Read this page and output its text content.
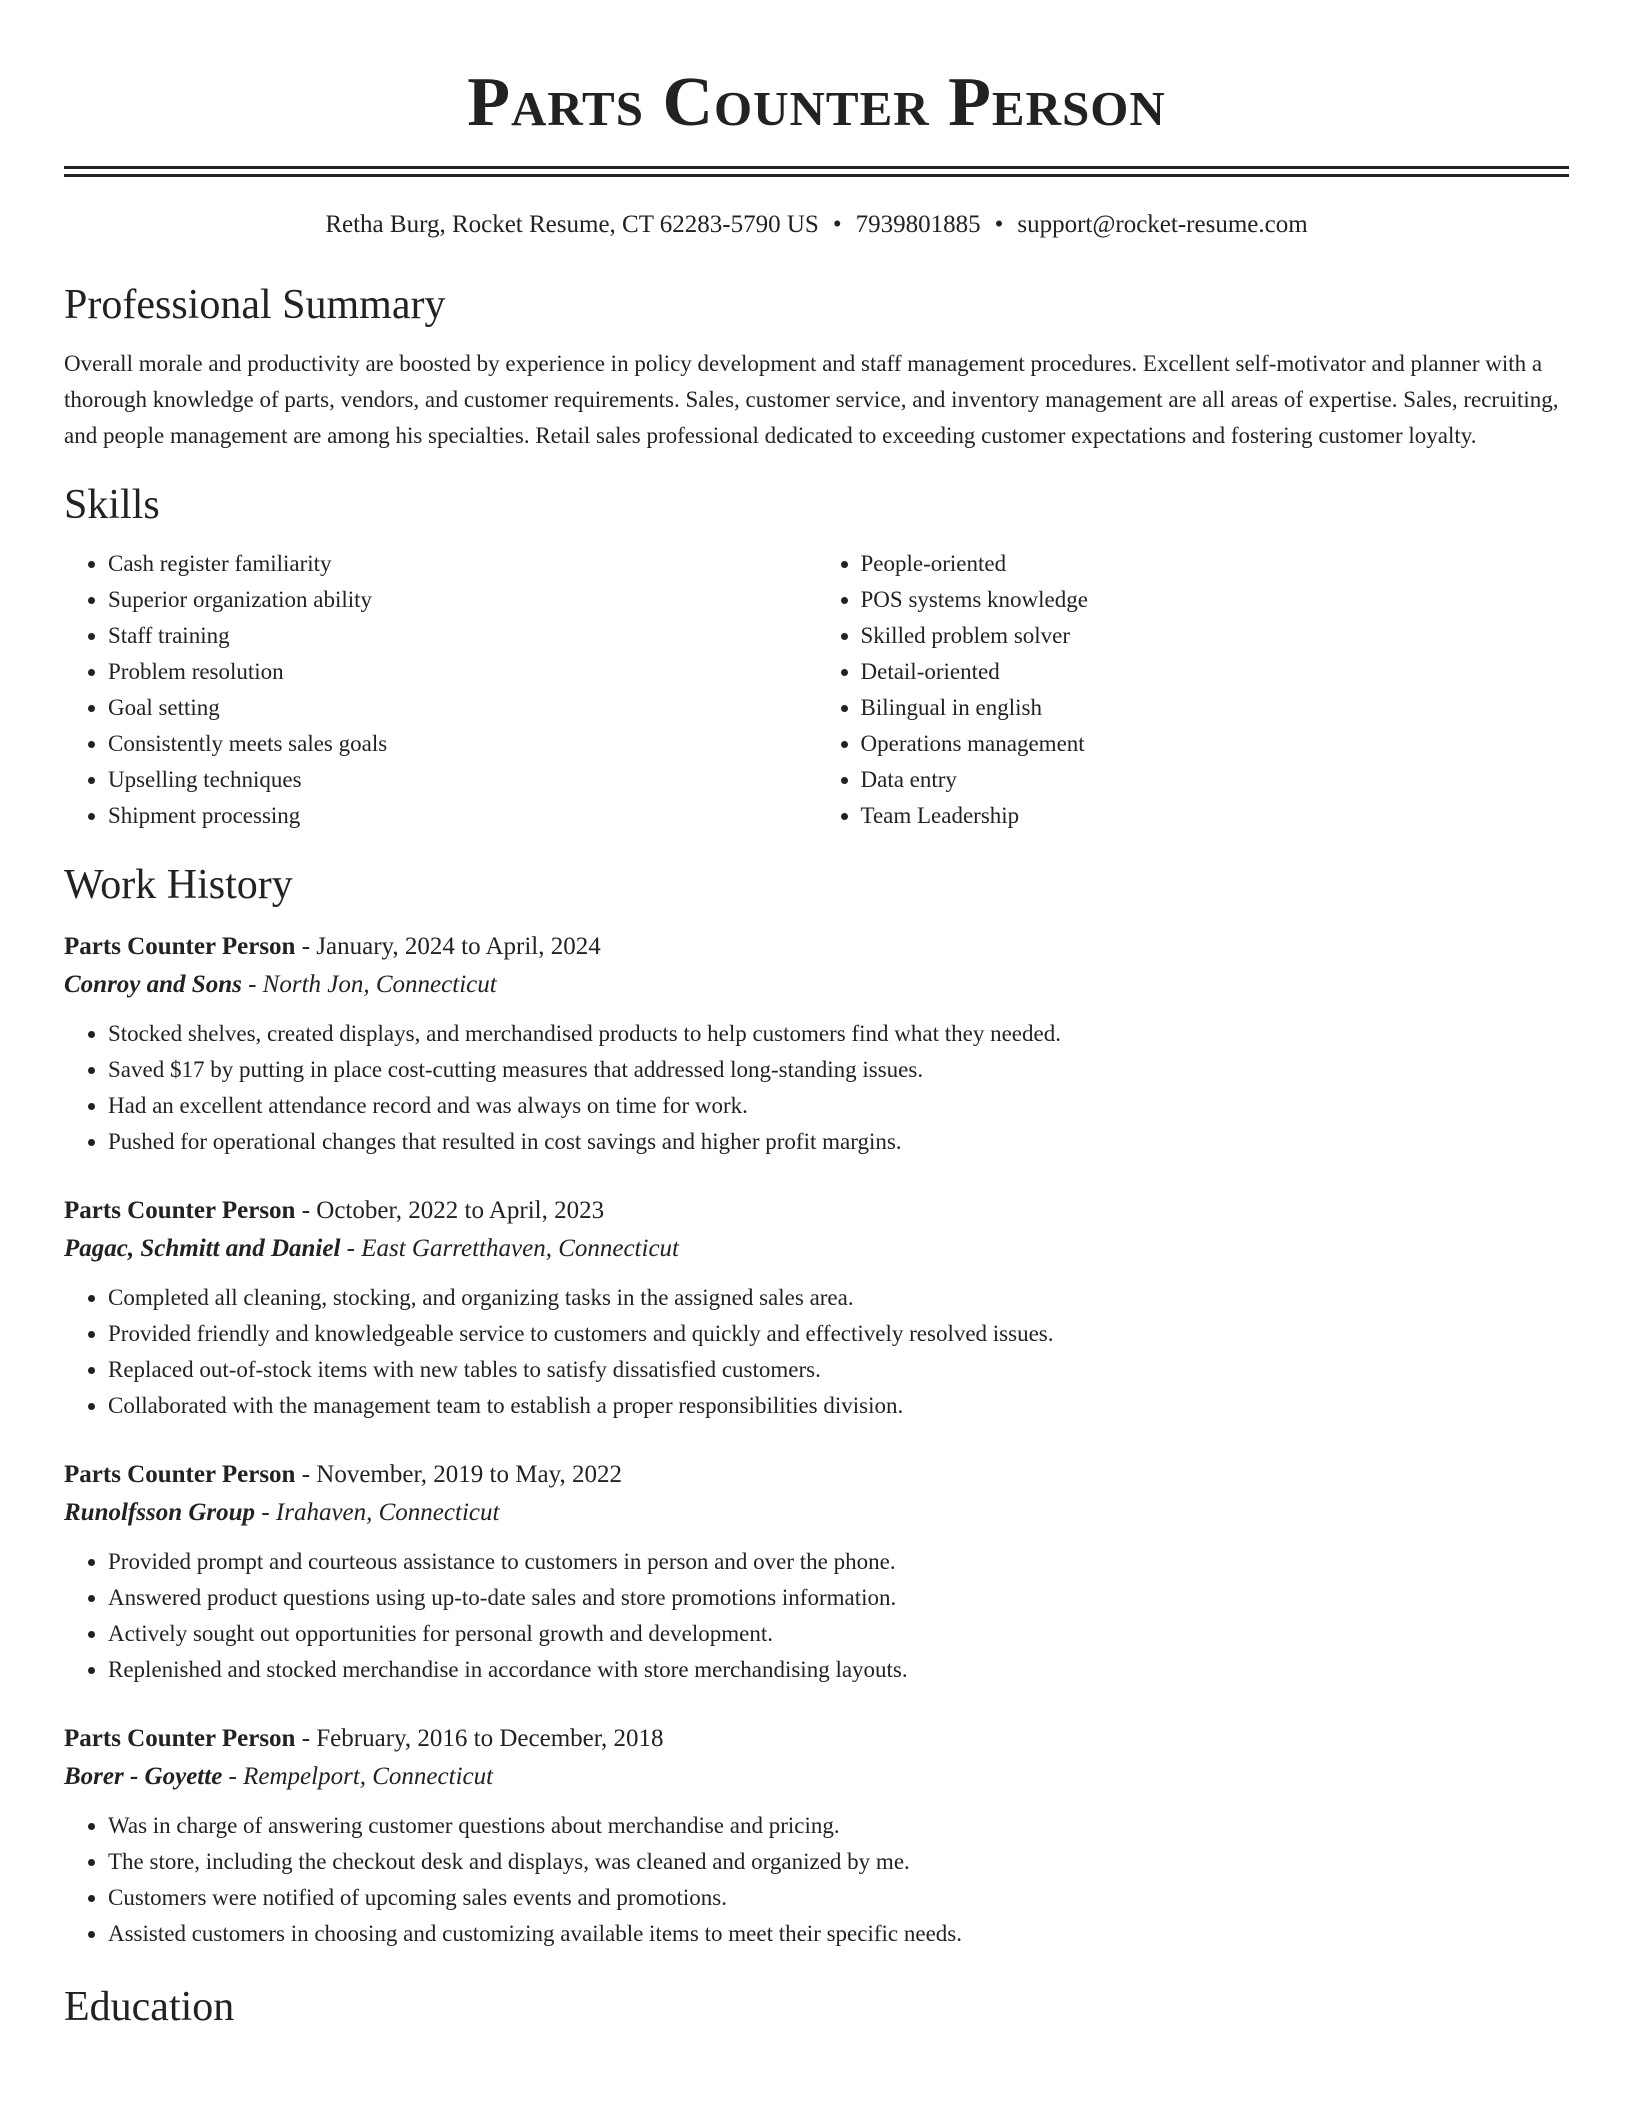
Parts Counter Person
Retha Burg, Rocket Resume, CT 62283-5790 US • 7939801885 • support@rocket-resume.com
Professional Summary

Overall morale and productivity are boosted by experience in policy development and staff management procedures. Excellent self-motivator and planner with a thorough knowledge of parts, vendors, and customer requirements. Sales, customer service, and inventory management are all areas of expertise. Sales, recruiting, and people management are among his specialties. Retail sales professional dedicated to exceeding customer expectations and fostering customer loyalty.

Skills
• Cash register familiarity
• Superior organization ability
• Staff training
• Problem resolution
• Goal setting
• Consistently meets sales goals
• Upselling techniques
• Shipment processing
• People-oriented
• POS systems knowledge
• Skilled problem solver
• Detail-oriented
• Bilingual in english
• Operations management
• Data entry
• Team Leadership
Work History
Parts Counter Person - January, 2024 to April, 2024
Conroy and Sons - North Jon, Connecticut
• Stocked shelves, created displays, and merchandised products to help customers find what they needed.
• Saved $17 by putting in place cost-cutting measures that addressed long-standing issues.
• Had an excellent attendance record and was always on time for work.
• Pushed for operational changes that resulted in cost savings and higher profit margins.
Parts Counter Person - October, 2022 to April, 2023
Pagac, Schmitt and Daniel - East Garretthaven, Connecticut
• Completed all cleaning, stocking, and organizing tasks in the assigned sales area.
• Provided friendly and knowledgeable service to customers and quickly and effectively resolved issues.
• Replaced out-of-stock items with new tables to satisfy dissatisfied customers.
• Collaborated with the management team to establish a proper responsibilities division.
Parts Counter Person - November, 2019 to May, 2022
Runolfsson Group - Irahaven, Connecticut
• Provided prompt and courteous assistance to customers in person and over the phone.
• Answered product questions using up-to-date sales and store promotions information.
• Actively sought out opportunities for personal growth and development.
• Replenished and stocked merchandise in accordance with store merchandising layouts.
Parts Counter Person - February, 2016 to December, 2018
Borer - Goyette - Rempelport, Connecticut
• Was in charge of answering customer questions about merchandise and pricing.
• The store, including the checkout desk and displays, was cleaned and organized by me.
• Customers were notified of upcoming sales events and promotions.
• Assisted customers in choosing and customizing available items to meet their specific needs.
Education
